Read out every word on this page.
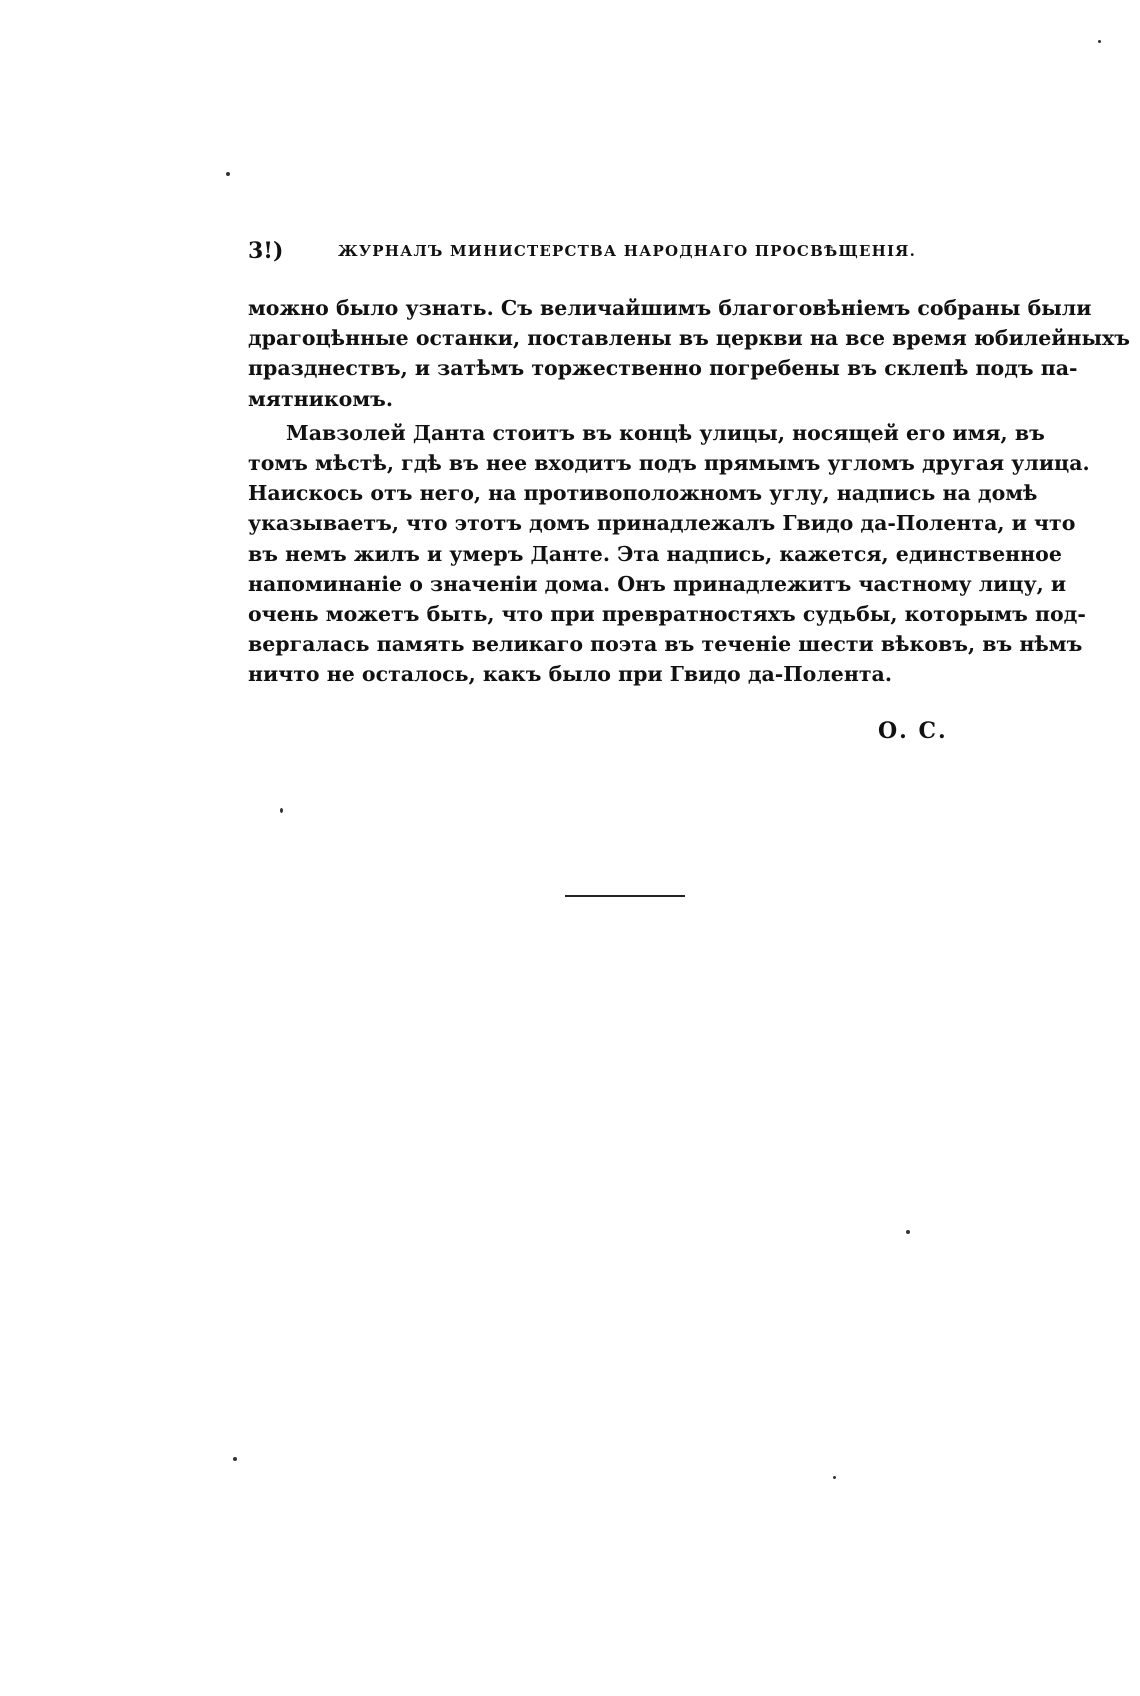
3!)	ЖУРНАЛЪ МИНИСТЕРСТВА НАРОДНАГО ПРОСВѢЩЕНІЯ.
можно было узнать. Съ величайшимъ благоговѣніемъ собраны были
драгоцѣнные останки, поставлены въ церкви на все время юбилейныхъ
празднествъ, и затѣмъ торжественно погребены въ склепѣ подъ па-
мятникомъ.
Мавзолей Данта стоитъ въ концѣ улицы, носящей его имя, въ
томъ мѣстѣ, гдѣ въ нее входитъ подъ прямымъ угломъ другая улица.
Наискось отъ него, на противоположномъ углу, надпись на домѣ
указываетъ, что этотъ домъ принадлежалъ Гвидо да-Полента, и что
въ немъ жилъ и умеръ Данте. Эта надпись, кажется, единственное
напоминаніе о значеніи дома. Онъ принадлежитъ частному лицу, и
очень можетъ быть, что при превратностяхъ судьбы, которымъ под-
вергалась память великаго поэта въ теченіе шести вѣковъ, въ нѣмъ
ничто не осталось, какъ было при Гвидо да-Полента.
О. С.
